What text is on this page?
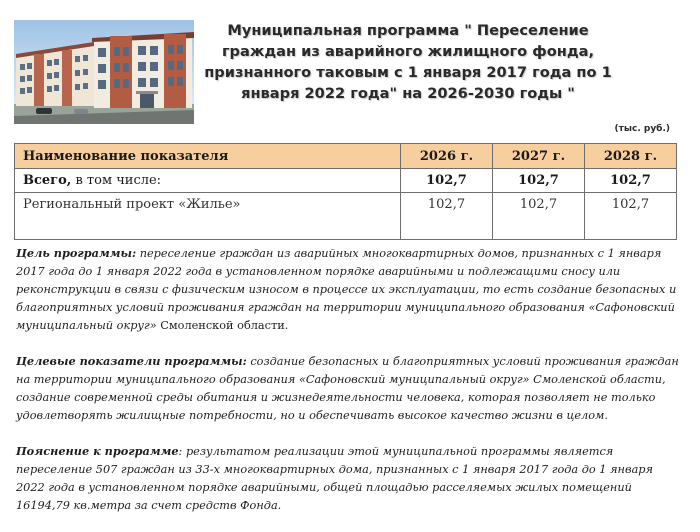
Муниципальная программа " Переселение граждан из аварийного жилищного фонда, признанного таковым с 1 января 2017 года по 1 января 2022 года" на 2026-2030 годы "
(тыс. руб.)
Наименование показателя	2026 г.	2027 г.	2028 г.
Всего, в том числе:	102,7	102,7	102,7
Региональный проект «Жилье»	102,7	102,7	102,7

Цель программы: переселение граждан из аварийных многоквартирных домов, признанных с 1 января 2017 года до 1 января 2022 года в установленном порядке аварийными и подлежащими сносу или реконструкции в связи с физическим износом в процессе их эксплуатации, то есть создание безопасных и благоприятных условий проживания граждан на территории муниципального образования «Сафоновский муниципальный округ» Смоленской области.

Целевые показатели программы: создание безопасных и благоприятных условий проживания граждан на территории муниципального образования «Сафоновский муниципальный округ» Смоленской области, создание современной среды обитания и жизнедеятельности человека, которая позволяет не только удовлетворять жилищные потребности, но и обеспечивать высокое качество жизни в целом.

Пояснение к программе: результатом реализации этой муниципальной программы является переселение 507 граждан из 33-х многоквартирных дома, признанных с 1 января 2017 года до 1 января 2022 года в установленном порядке аварийными, общей площадью расселяемых жилых помещений 16194,79 кв.метра за счет средств Фонда.
